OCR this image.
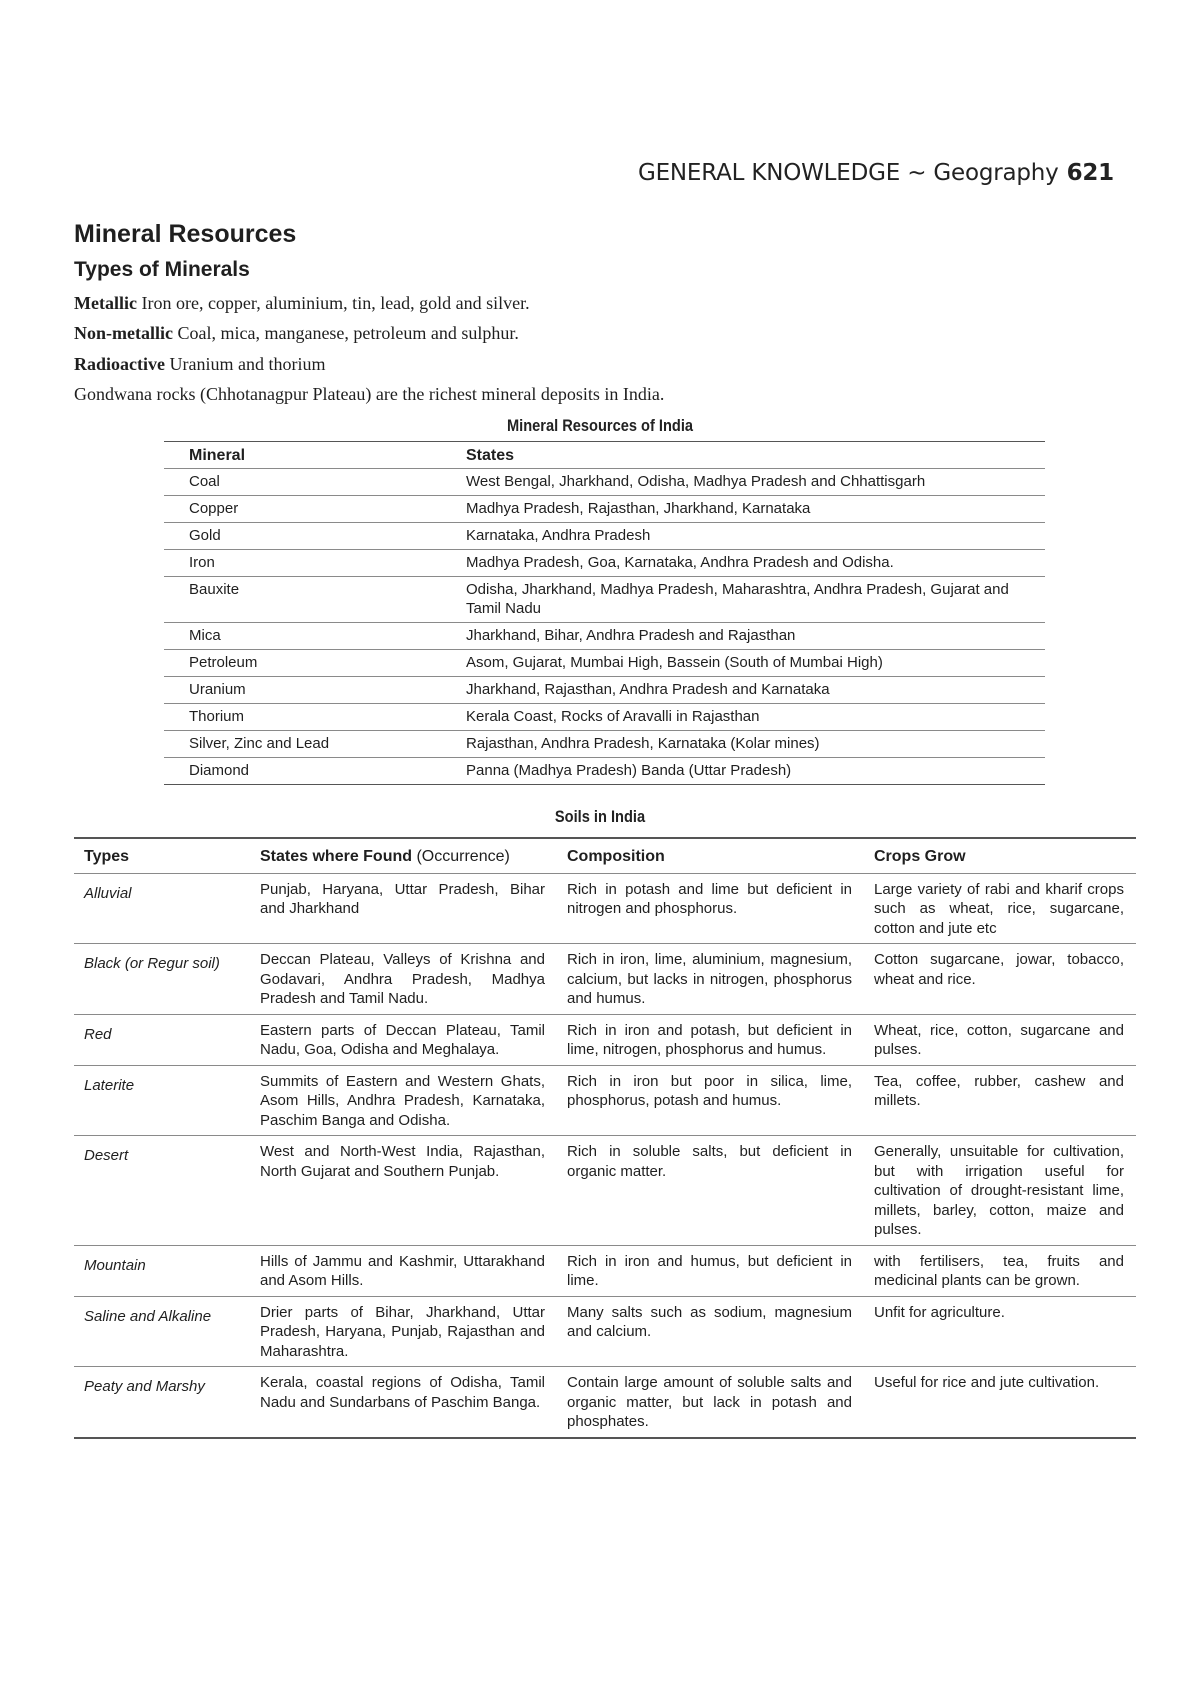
GENERAL KNOWLEDGE ~ Geography 621
Mineral Resources
Types of Minerals
Metallic Iron ore, copper, aluminium, tin, lead, gold and silver.
Non-metallic Coal, mica, manganese, petroleum and sulphur.
Radioactive Uranium and thorium
Gondwana rocks (Chhotanagpur Plateau) are the richest mineral deposits in India.
Mineral Resources of India
Mineral	States
Coal	West Bengal, Jharkhand, Odisha, Madhya Pradesh and Chhattisgarh
Copper	Madhya Pradesh, Rajasthan, Jharkhand, Karnataka
Gold	Karnataka, Andhra Pradesh
Iron	Madhya Pradesh, Goa, Karnataka, Andhra Pradesh and Odisha.
Bauxite	Odisha, Jharkhand, Madhya Pradesh, Maharashtra, Andhra Pradesh, Gujarat and Tamil Nadu
Mica	Jharkhand, Bihar, Andhra Pradesh and Rajasthan
Petroleum	Asom, Gujarat, Mumbai High, Bassein (South of Mumbai High)
Uranium	Jharkhand, Rajasthan, Andhra Pradesh and Karnataka
Thorium	Kerala Coast, Rocks of Aravalli in Rajasthan
Silver, Zinc and Lead	Rajasthan, Andhra Pradesh, Karnataka (Kolar mines)
Diamond	Panna (Madhya Pradesh) Banda (Uttar Pradesh)
Soils in India
Types	States where Found (Occurrence)	Composition	Crops Grow
Alluvial	Punjab, Haryana, Uttar Pradesh, Bihar and Jharkhand	Rich in potash and lime but deficient in nitrogen and phosphorus.	Large variety of rabi and kharif crops such as wheat, rice, sugarcane, cotton and jute etc
Black (or Regur soil)	Deccan Plateau, Valleys of Krishna and Godavari, Andhra Pradesh, Madhya Pradesh and Tamil Nadu.	Rich in iron, lime, aluminium, magnesium, calcium, but lacks in nitrogen, phosphorus and humus.	Cotton sugarcane, jowar, tobacco, wheat and rice.
Red	Eastern parts of Deccan Plateau, Tamil Nadu, Goa, Odisha and Meghalaya.	Rich in iron and potash, but deficient in lime, nitrogen, phosphorus and humus.	Wheat, rice, cotton, sugarcane and pulses.
Laterite	Summits of Eastern and Western Ghats, Asom Hills, Andhra Pradesh, Karnataka, Paschim Banga and Odisha.	Rich in iron but poor in silica, lime, phosphorus, potash and humus.	Tea, coffee, rubber, cashew and millets.
Desert	West and North-West India, Rajasthan, North Gujarat and Southern Punjab.	Rich in soluble salts, but deficient in organic matter.	Generally, unsuitable for cultivation, but with irrigation useful for cultivation of drought-resistant lime, millets, barley, cotton, maize and pulses.
Mountain	Hills of Jammu and Kashmir, Uttarakhand and Asom Hills.	Rich in iron and humus, but deficient in lime.	with fertilisers, tea, fruits and medicinal plants can be grown.
Saline and Alkaline	Drier parts of Bihar, Jharkhand, Uttar Pradesh, Haryana, Punjab, Rajasthan and Maharashtra.	Many salts such as sodium, magnesium and calcium.	Unfit for agriculture.
Peaty and Marshy	Kerala, coastal regions of Odisha, Tamil Nadu and Sundarbans of Paschim Banga.	Contain large amount of soluble salts and organic matter, but lack in potash and phosphates.	Useful for rice and jute cultivation.
